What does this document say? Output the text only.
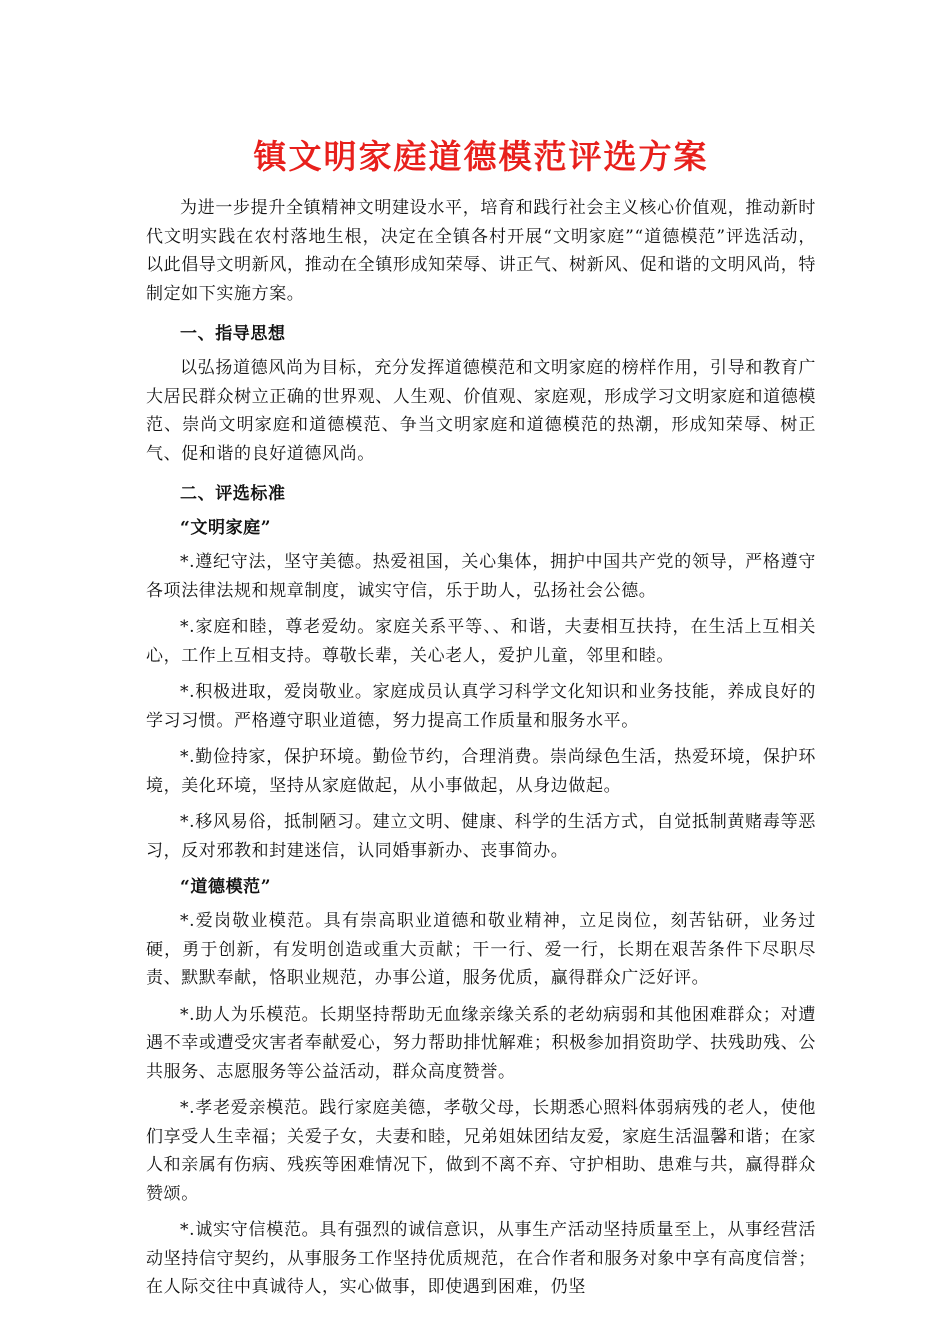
镇文明家庭道德模范评选方案

为进一步提升全镇精神文明建设水平，培育和践行社会主义核心价值观，推动新时代文明实践在农村落地生根，决定在全镇各村开展“文明家庭”“道德模范”评选活动，以此倡导文明新风，推动在全镇形成知荣辱、讲正气、树新风、促和谐的文明风尚，特制定如下实施方案。

一、指导思想

以弘扬道德风尚为目标，充分发挥道德模范和文明家庭的榜样作用，引导和教育广大居民群众树立正确的世界观、人生观、价值观、家庭观，形成学习文明家庭和道德模范、崇尚文明家庭和道德模范、争当文明家庭和道德模范的热潮，形成知荣辱、树正气、促和谐的良好道德风尚。

二、评选标准
“文明家庭”

*.遵纪守法，坚守美德。热爱祖国，关心集体，拥护中国共产党的领导，严格遵守各项法律法规和规章制度，诚实守信，乐于助人，弘扬社会公德。

*.家庭和睦，尊老爱幼。家庭关系平等、、和谐，夫妻相互扶持，在生活上互相关心，工作上互相支持。尊敬长辈，关心老人，爱护儿童，邻里和睦。

*.积极进取，爱岗敬业。家庭成员认真学习科学文化知识和业务技能，养成良好的学习习惯。严格遵守职业道德，努力提高工作质量和服务水平。

*.勤俭持家，保护环境。勤俭节约，合理消费。崇尚绿色生活，热爱环境，保护环境，美化环境，坚持从家庭做起，从小事做起，从身边做起。

*.移风易俗，抵制陋习。建立文明、健康、科学的生活方式，自觉抵制黄赌毒等恶习，反对邪教和封建迷信，认同婚事新办、丧事简办。

“道德模范”

*.爱岗敬业模范。具有崇高职业道德和敬业精神，立足岗位，刻苦钻研，业务过硬，勇于创新，有发明创造或重大贡献；干一行、爱一行，长期在艰苦条件下尽职尽责、默默奉献，恪职业规范，办事公道，服务优质，赢得群众广泛好评。

*.助人为乐模范。长期坚持帮助无血缘亲缘关系的老幼病弱和其他困难群众；对遭遇不幸或遭受灾害者奉献爱心，努力帮助排忧解难；积极参加捐资助学、扶残助残、公共服务、志愿服务等公益活动，群众高度赞誉。

*.孝老爱亲模范。践行家庭美德，孝敬父母，长期悉心照料体弱病残的老人，使他们享受人生幸福；关爱子女，夫妻和睦，兄弟姐妹团结友爱，家庭生活温馨和谐；在家人和亲属有伤病、残疾等困难情况下，做到不离不弃、守护相助、患难与共，赢得群众赞颂。

*.诚实守信模范。具有强烈的诚信意识，从事生产活动坚持质量至上，从事经营活动坚持信守契约，从事服务工作坚持优质规范，在合作者和服务对象中享有高度信誉；在人际交往中真诚待人，实心做事，即使遇到困难，仍坚
